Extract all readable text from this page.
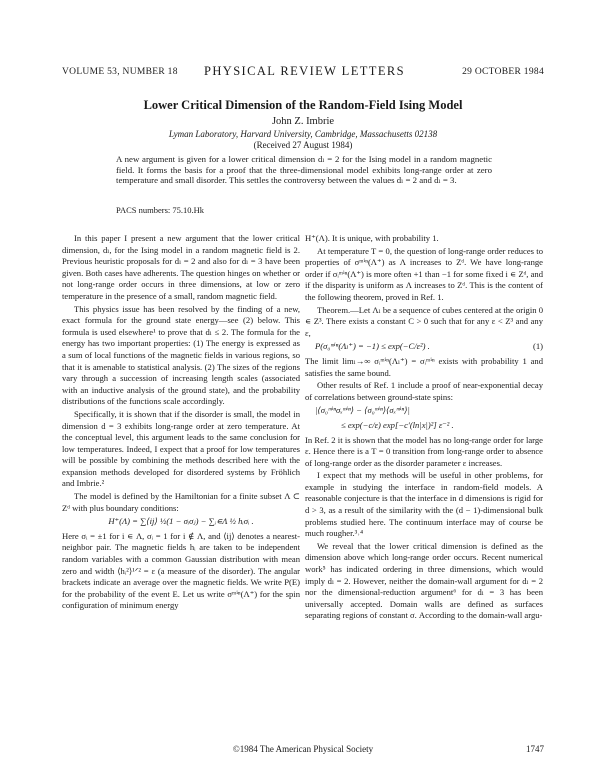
VOLUME 53, NUMBER 18 PHYSICAL REVIEW LETTERS	29 OCTOBER 1984
Lower Critical Dimension of the Random-Field Ising Model
John Z. Imbrie
Lyman Laboratory, Harvard University, Cambridge, Massachusetts 02138
(Received 27 August 1984)
A new argument is given for a lower critical dimension dₗ = 2 for the Ising model in a random magnetic field. It forms the basis for a proof that the three-dimensional model exhibits long-range order at zero temperature and small disorder. This settles the controversy between the values dₗ = 2 and dₗ = 3.
PACS numbers: 75.10.Hk

In this paper I present a new argument that the lower critical dimension, dₗ, for the Ising model in a random magnetic field is 2. Previous heuristic proposals for dₗ = 2 and also for dₗ = 3 have been given. Both cases have adherents. The question hinges on whether or not long-range order occurs in three dimensions, at low or zero temperature in the presence of a small, random magnetic field.

This physics issue has been resolved by the finding of a new, exact formula for the ground state energy—see (2) below. This formula is used elsewhere¹ to prove that dₗ ≤ 2. The formula for the energy has two important properties: (1) The energy is expressed as a sum of local functions of the magnetic fields in various regions, so that it is amenable to statistical analysis. (2) The sizes of the regions vary through a succession of increasing length scales (associated with an inductive analysis of the ground state), and the probability distributions of the functions scale accordingly.

Specifically, it is shown that if the disorder is small, the model in dimension d = 3 exhibits long-range order at zero temperature. At the conceptual level, this argument leads to the same conclusion for low temperatures. Indeed, I expect that a proof for low temperatures will be possible by combining the methods described here with the expansion methods developed for disordered systems by Fröhlich and Imbrie.²

The model is defined by the Hamiltonian for a finite subset Λ ⊂ Zᵈ with plus boundary conditions:

H⁺(Λ) = ∑⟨ij⟩ ½(1 − σᵢσⱼ) − ∑ᵢ∊Λ ½ hᵢσᵢ .

Here σᵢ = ±1 for i ∊ Λ, σᵢ = 1 for i ∉ Λ, and ⟨ij⟩ denotes a nearest-neighbor pair. The magnetic fields hᵢ are taken to be independent random variables with a common Gaussian distribution with mean zero and width ⟨hᵢ²⟩¹ᐟ² = ε (a measure of the disorder). The angular brackets indicate an average over the magnetic fields. We write P(E) for the probability of the event E. Let us write σᵐⁱⁿ(Λ⁺) for the spin configuration of minimum energy

H⁺(Λ). It is unique, with probability 1.

At temperature T = 0, the question of long-range order reduces to properties of σᵐⁱⁿ(Λ⁺) as Λ increases to Zᵈ. We have long-range order if σᵢᵐⁱⁿ(Λ⁺) is more often +1 than −1 for some fixed i ∊ Zᵈ, and if the disparity is uniform as Λ increases to Zᵈ. This is the content of the following theorem, proved in Ref. 1.

Theorem.—Let Λₗ be a sequence of cubes centered at the origin 0 ∊ Z³. There exists a constant C > 0 such that for any ε < Z³ and any ε,

P(σ₀ᵐⁱⁿ(Λₗ⁺) = −1) ≤ exp(−C/ε²) .	(1)

The limit limₗ→∞ σᵢᵐⁱⁿ(Λₗ⁺) = σᵢᵐⁱⁿ exists with probability 1 and satisfies the same bound.

Other results of Ref. 1 include a proof of near-exponential decay of correlations between ground-state spins:

|⟨σ₀ᵐⁱⁿσₓᵐⁱⁿ⟩ − ⟨σ₀ᵐⁱⁿ⟩⟨σₓᵐⁱⁿ⟩|
≤ exp(−c/ε) exp[−c′(ln|x|)²] ε⁻² .

In Ref. 2 it is shown that the model has no long-range order for large ε. Hence there is a T = 0 transition from long-range order to absence of long-range order as the disorder parameter ε increases.

I expect that my methods will be useful in other problems, for example in studying the interface in random-field models. A reasonable conjecture is that the interface in d dimensions is rigid for d > 3, as a result of the similarity with the (d − 1)-dimensional bulk problems studied here. The continuum interface may of course be much rougher.³˒⁴

We reveal that the lower critical dimension is defined as the dimension above which long-range order occurs. Recent numerical work⁵ has indicated ordering in three dimensions, which would imply dₗ = 2. However, neither the domain-wall argument for dₗ = 2 nor the dimensional-reduction argument⁶ for dₗ = 3 has been universally accepted. Domain walls are defined as surfaces separating regions of constant σ. According to the domain-wall argu-

©1984 The American Physical Society	1747
